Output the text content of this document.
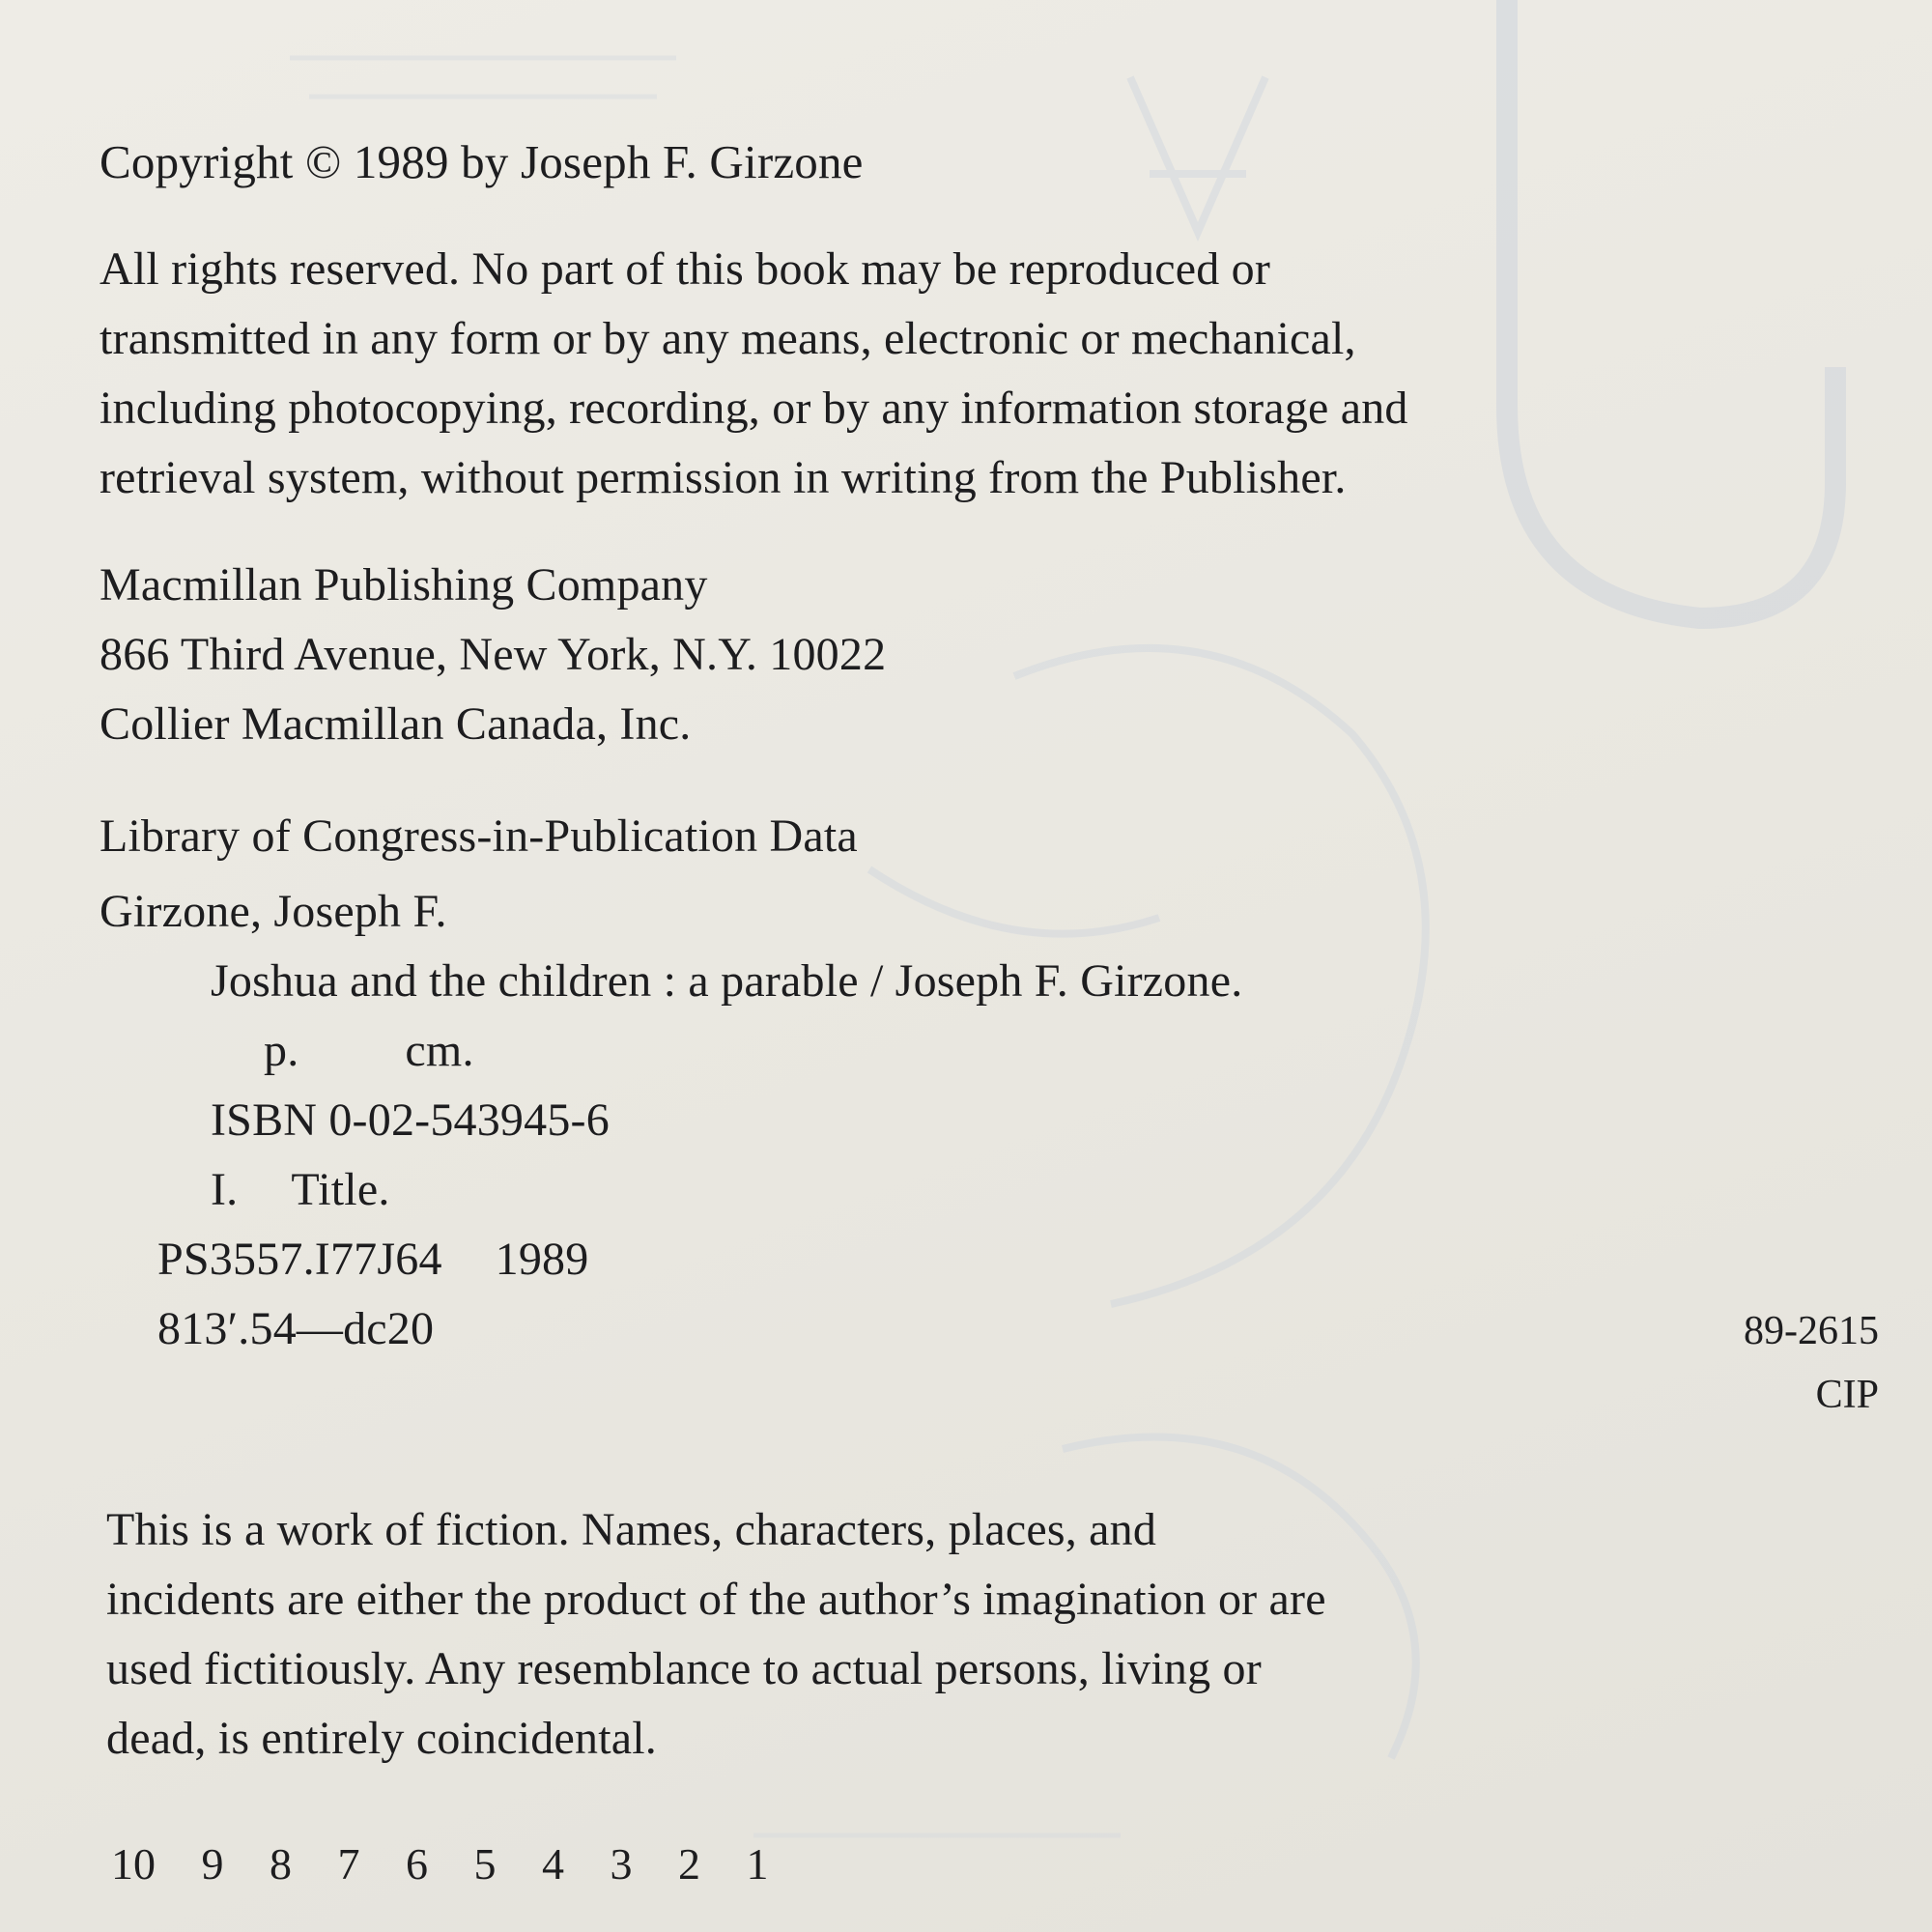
Copyright © 1989 by Joseph F. Girzone
All rights reserved. No part of this book may be reproduced or
transmitted in any form or by any means, electronic or mechanical,
including photocopying, recording, or by any information storage and
retrieval system, without permission in writing from the Publisher.
Macmillan Publishing Company
866 Third Avenue, New York, N.Y. 10022
Collier Macmillan Canada, Inc.
Library of Congress-in-Publication Data
Girzone, Joseph F.
Joshua and the children : a parable / Joseph F. Girzone.
p. cm.
ISBN 0-02-543945-6
I. Title.
PS3557.I77J64 1989
813′.54—dc20	89-2615
CIP
This is a work of fiction. Names, characters, places, and
incidents are either the product of the author’s imagination or are
used fictitiously. Any resemblance to actual persons, living or
dead, is entirely coincidental.
10 9 8 7 6 5 4 3 2 1
